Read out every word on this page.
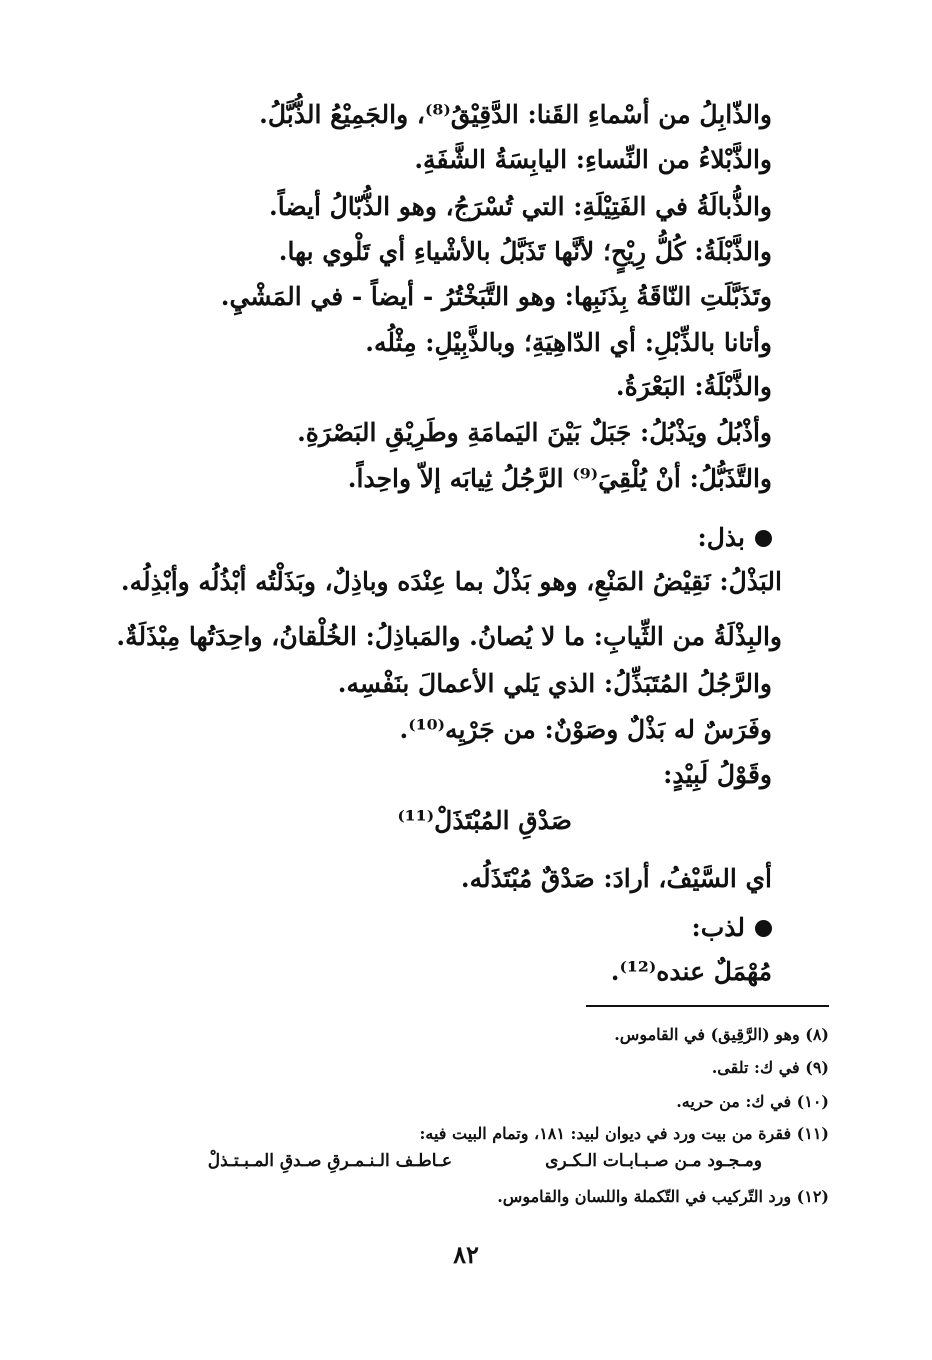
والذّابِلُ من أسْماءِ القَنا: الدَّقِيْقُ⁽⁸⁾، والجَمِيْعُ الذُّبَّلُ.
والذَّبْلاءُ من النِّساءِ: اليابِسَةُ الشَّفَةِ.
والذُّبالَةُ في الفَتِيْلَةِ: التي تُسْرَجُ، وهو الذُّبّالُ أيضاً.
والذَّبْلَةُ: كُلُّ رِيْحٍ؛ لأنَّها تَذَبَّلُ بالأشْياءِ أي تَلْوي بها.
وتَذَبَّلَتِ النّاقَةُ بِذَنَبِها: وهو التَّبَخْتُرُ - أيضاً - في المَشْيِ.
وأتانا بالذِّبْلِ: أي الدّاهِيَةِ؛ وبالذَّبِيْلِ: مِثْلُه.
والذَّبْلَةُ: البَعْرَةُ.
وأذْبُلُ ويَذْبُلُ: جَبَلٌ بَيْنَ اليَمامَةِ وطَرِيْقِ البَصْرَةِ.
والتَّذَبُّلُ: أنْ يُلْقِيَ⁽⁹⁾ الرَّجُلُ ثِيابَه إلاّ واحِداً.
بذل:
البَذْلُ: نَقِيْضُ المَنْعِ، وهو بَذْلٌ بما عِنْدَه وباذِلٌ، وبَذَلْتُه أبْذُلُه وأبْذِلُه.
والبِذْلَةُ من الثِّيابِ: ما لا يُصانُ. والمَباذِلُ: الخُلْقانُ، واحِدَتُها مِبْذَلَةٌ.
والرَّجُلُ المُتَبَذِّلُ: الذي يَلي الأعمالَ بنَفْسِه.
وفَرَسٌ له بَذْلٌ وصَوْنٌ: من جَرْيِه⁽¹⁰⁾.
وقَوْلُ لَبِيْدٍ:
صَدْقِ المُبْتَذَلْ⁽¹¹⁾
أي السَّيْفُ، أرادَ: صَدْقٌ مُبْتَذَلُه.
لذب:
مُهْمَلٌ عنده⁽¹²⁾.
(٨) وهو (الرَّقِيق) في القاموس.
(٩) في ك: تلقى.
(١٠) في ك: من حريه.
(١١) فقرة من بيت ورد في ديوان لبيد: ١٨١، وتمام البيت فيه:
ومـجـود مـن صـبـابـات الـكـرى
عـاطـف الـنـمـرقِ صـدقِ المـبـتـذلْ
(١٢) ورد التّركيب في التّكملة واللسان والقاموس.
٨٢
